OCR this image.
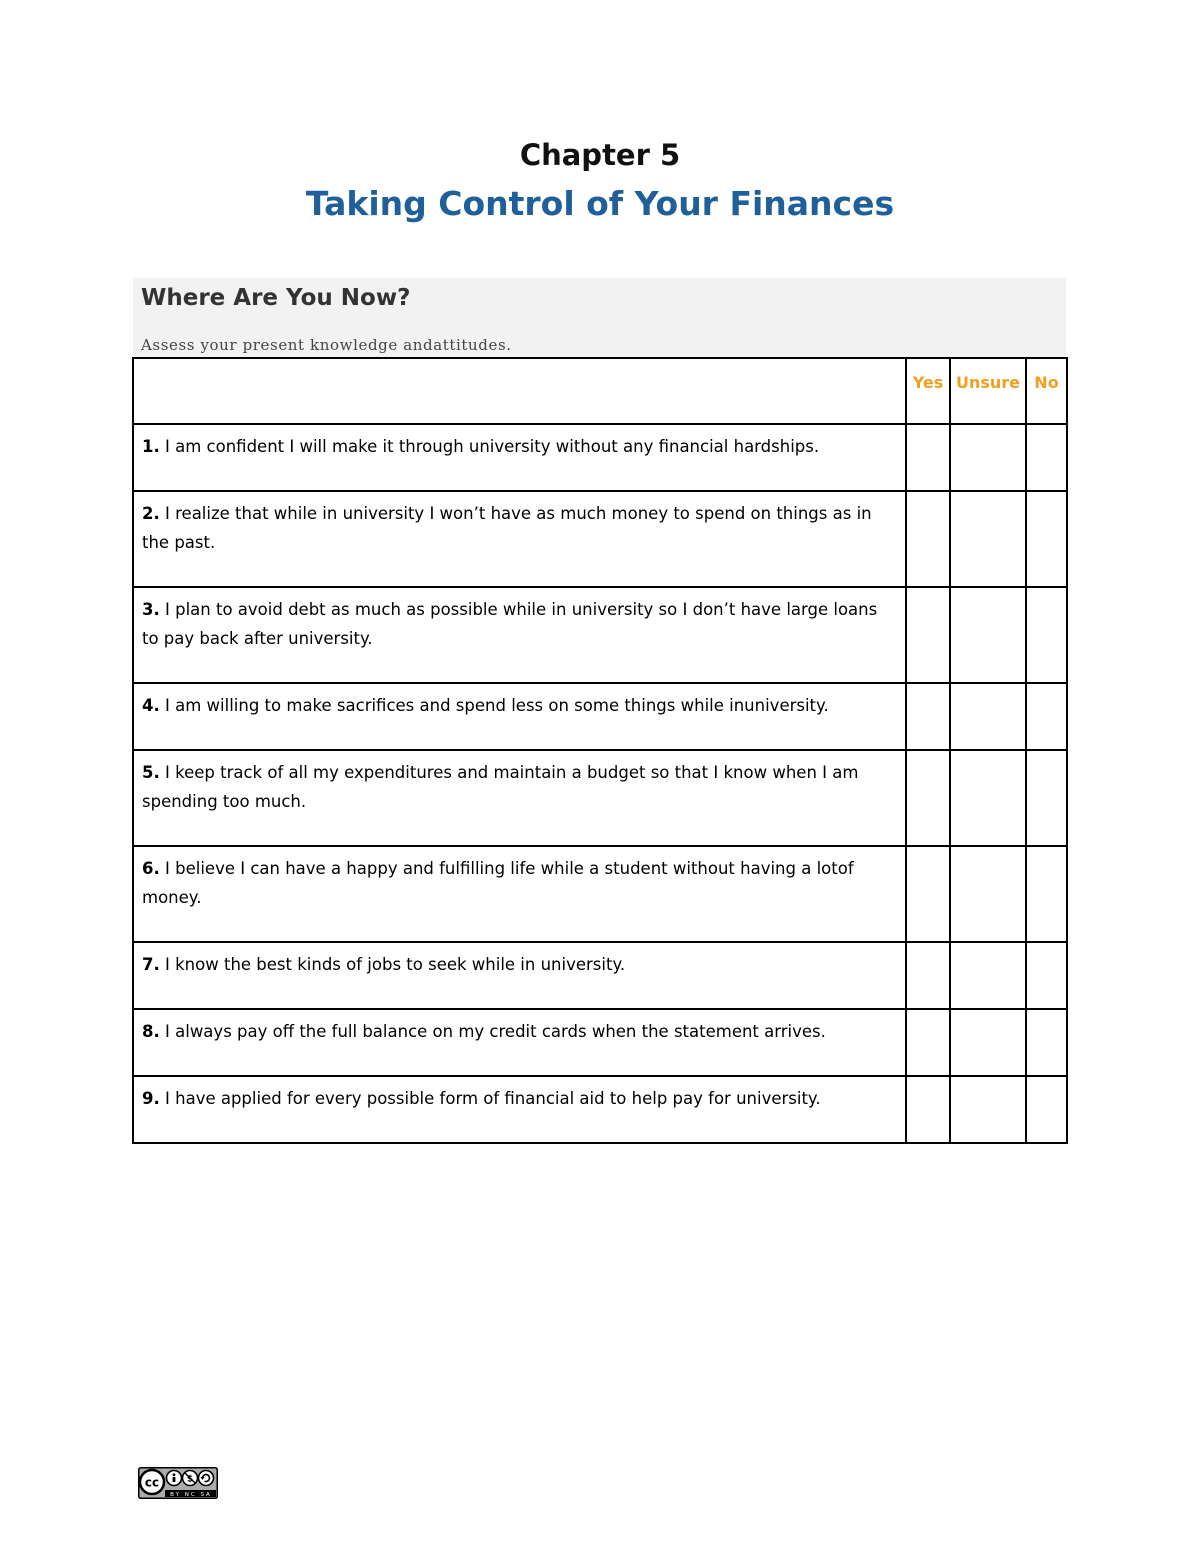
Chapter 5
Taking Control of Your Finances
Where Are You Now?
Assess your present knowledge andattitudes.
	Yes	Unsure	No
1. I am confident I will make it through university without any financial hardships.			
2. I realize that while in university I won’t have as much money to spend on things as in the past.			
3. I plan to avoid debt as much as possible while in university so I don’t have large loans to pay back after university.			
4. I am willing to make sacrifices and spend less on some things while inuniversity.			
5. I keep track of all my expenditures and maintain a budget so that I know when I am spending too much.			
6. I believe I can have a happy and fulfilling life while a student without having a lotof money.			
7. I know the best kinds of jobs to seek while in university.			
8. I always pay off the full balance on my credit cards when the statement arrives.			
9. I have applied for every possible form of financial aid to help pay for university.			
cc	$
BY NC SA
